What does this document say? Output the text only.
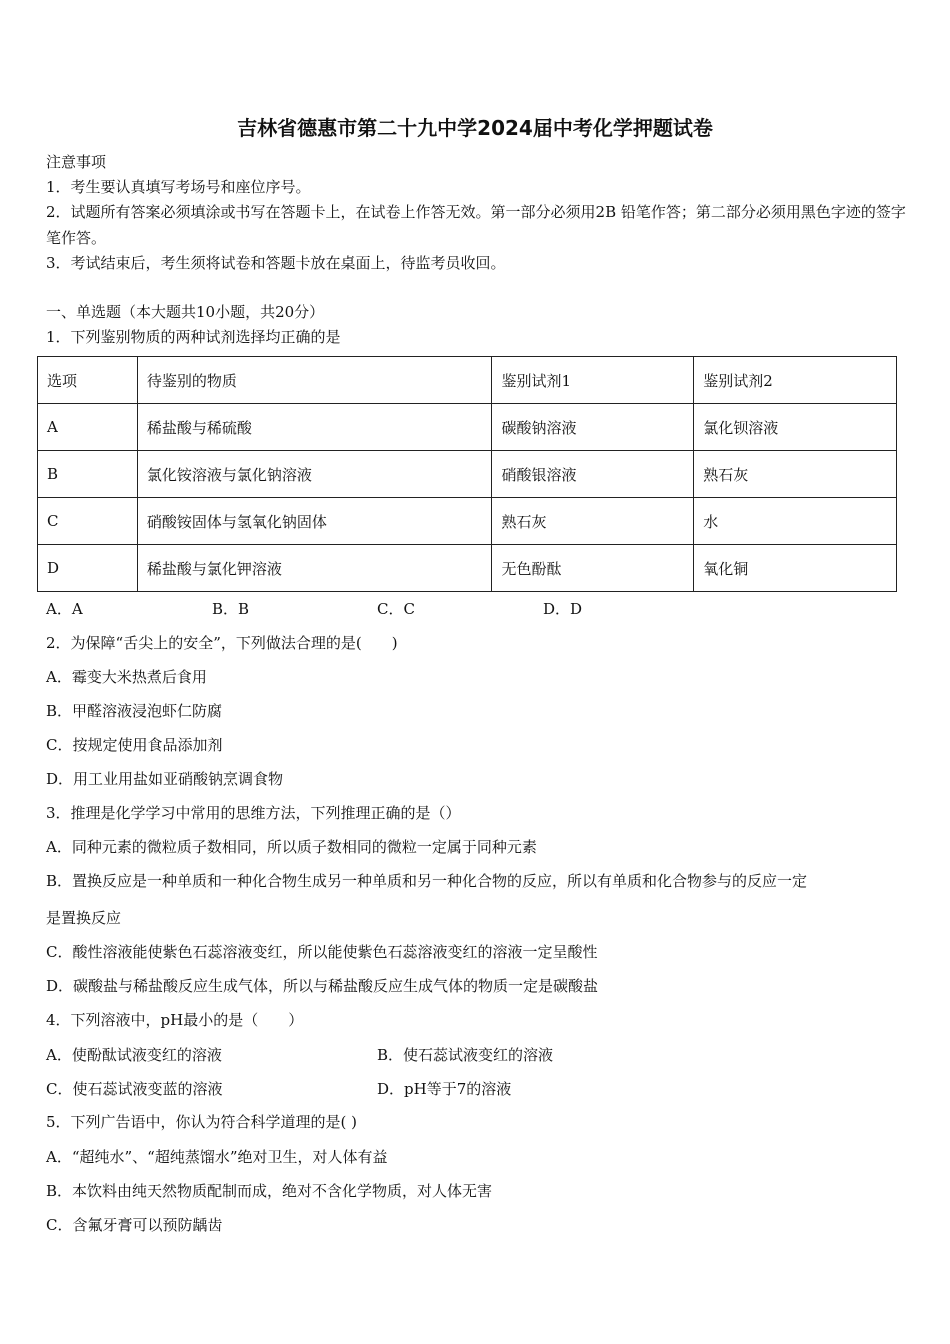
吉林省德惠市第二十九中学2024届中考化学押题试卷
注意事项
1．考生要认真填写考场号和座位序号。
2．试题所有答案必须填涂或书写在答题卡上，在试卷上作答无效。第一部分必须用2B 铅笔作答；第二部分必须用黑色字迹的签字笔作答。
3．考试结束后，考生须将试卷和答题卡放在桌面上，待监考员收回。
一、单选题（本大题共10小题，共20分）
1．下列鉴别物质的两种试剂选择均正确的是
选项	待鉴别的物质	鉴别试剂1	鉴别试剂2
A	稀盐酸与稀硫酸	碳酸钠溶液	氯化钡溶液
B	氯化铵溶液与氯化钠溶液	硝酸银溶液	熟石灰
C	硝酸铵固体与氢氧化钠固体	熟石灰	水
D	稀盐酸与氯化钾溶液	无色酚酞	氧化铜
A．A	B．B	C．C	D．D
2．为保障“舌尖上的安全”，下列做法合理的是(　　)
A．霉变大米热煮后食用
B．甲醛溶液浸泡虾仁防腐
C．按规定使用食品添加剂
D．用工业用盐如亚硝酸钠烹调食物
3．推理是化学学习中常用的思维方法，下列推理正确的是（）
A．同种元素的微粒质子数相同，所以质子数相同的微粒一定属于同种元素
B．置换反应是一种单质和一种化合物生成另一种单质和另一种化合物的反应，所以有单质和化合物参与的反应一定
是置换反应
C．酸性溶液能使紫色石蕊溶液变红，所以能使紫色石蕊溶液变红的溶液一定呈酸性
D．碳酸盐与稀盐酸反应生成气体，所以与稀盐酸反应生成气体的物质一定是碳酸盐
4．下列溶液中，pH最小的是（　　）
A．使酚酞试液变红的溶液	B．使石蕊试液变红的溶液
C．使石蕊试液变蓝的溶液	D．pH等于7的溶液
5．下列广告语中，你认为符合科学道理的是( )
A．“超纯水”、“超纯蒸馏水”绝对卫生，对人体有益
B．本饮料由纯天然物质配制而成，绝对不含化学物质，对人体无害
C．含氟牙膏可以预防龋齿
